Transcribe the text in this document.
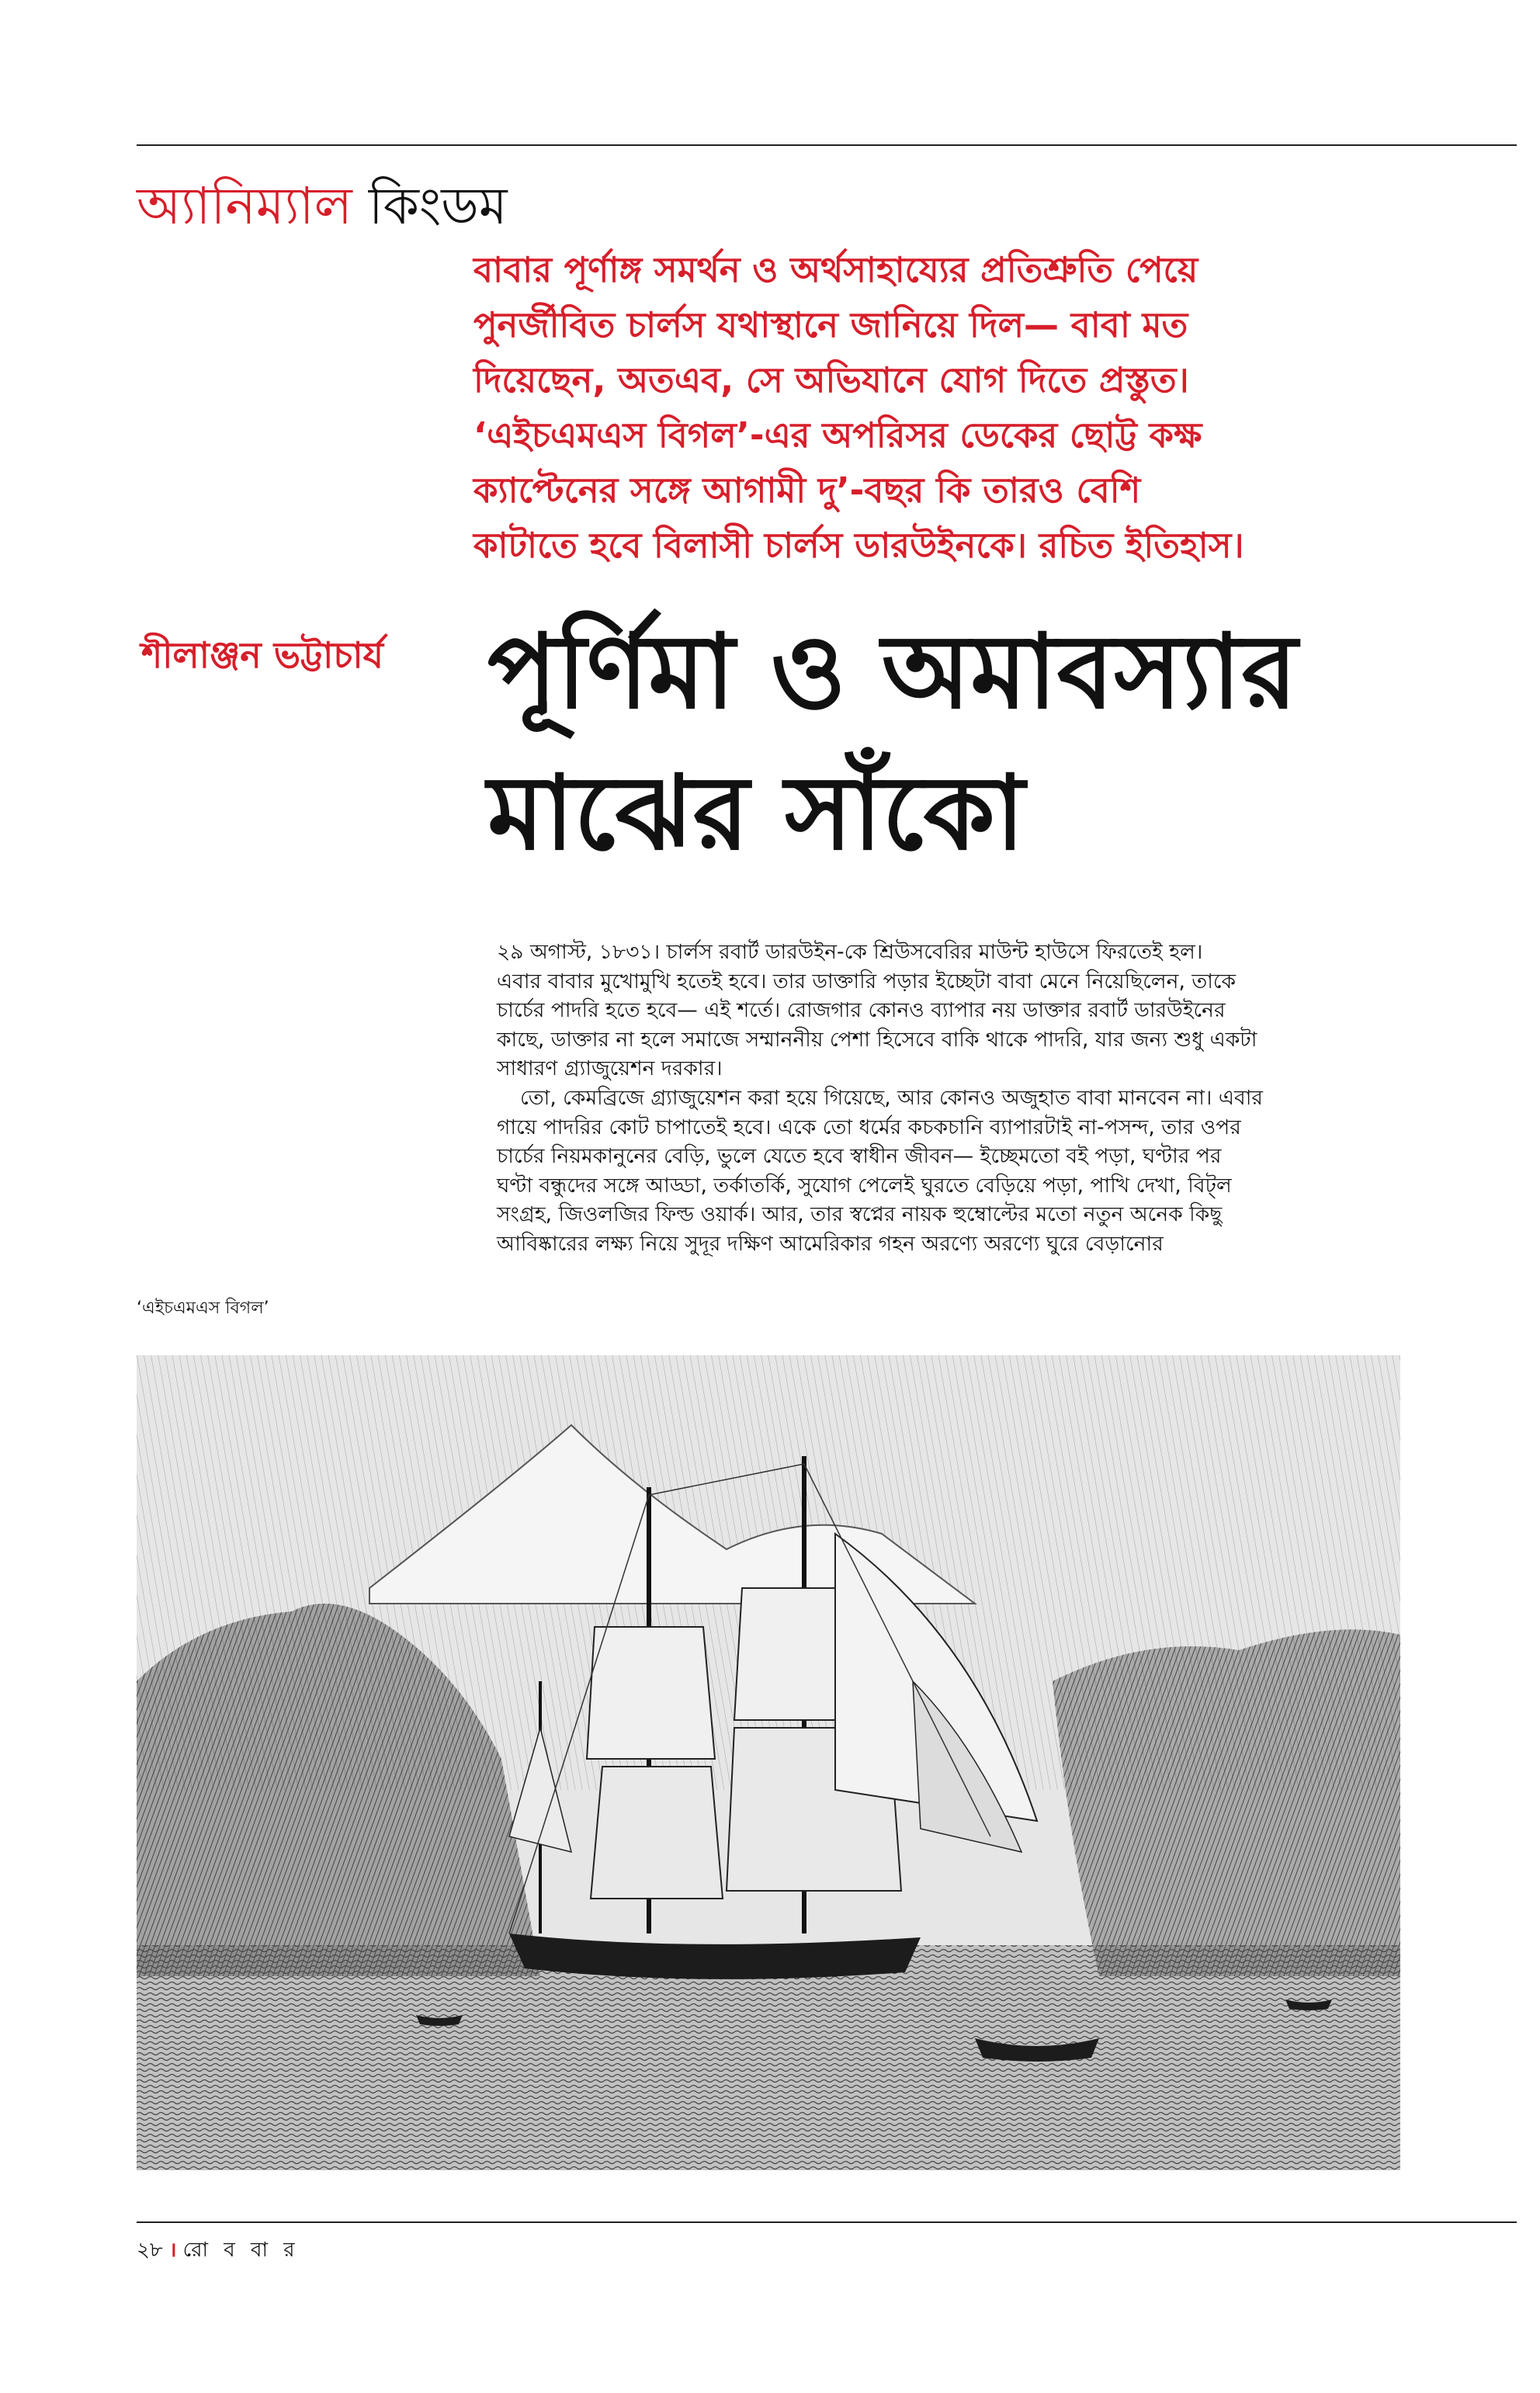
অ্যানিম্যাল কিংডম
বাবার পূর্ণাঙ্গ সমর্থন ও অর্থসাহায্যের প্রতিশ্রুতি পেয়ে
পুনর্জীবিত চার্লস যথাস্থানে জানিয়ে দিল— বাবা মত
দিয়েছেন, অতএব, সে অভিযানে যোগ দিতে প্রস্তুত।
‘এইচএমএস বিগল’-এর অপরিসর ডেকের ছোট্ট কক্ষ
ক্যাপ্টেনের সঙ্গে আগামী দু’-বছর কি তারও বেশি
কাটাতে হবে বিলাসী চার্লস ডারউইনকে। রচিত ইতিহাস।
শীলাঞ্জন ভট্টাচার্য পূর্ণিমা ও অমাবস্যার
মাঝের সাঁকো
২৯ অগাস্ট, ১৮৩১। চার্লস রবার্ট ডারউইন-কে শ্রিউসবেরির মাউন্ট হাউসে ফিরতেই হল।
এবার বাবার মুখোমুখি হতেই হবে। তার ডাক্তারি পড়ার ইচ্ছেটা বাবা মেনে নিয়েছিলেন, তাকে
চার্চের পাদরি হতে হবে— এই শর্তে। রোজগার কোনও ব্যাপার নয় ডাক্তার রবার্ট ডারউইনের
কাছে, ডাক্তার না হলে সমাজে সম্মাননীয় পেশা হিসেবে বাকি থাকে পাদরি, যার জন্য শুধু একটা
সাধারণ গ্র্যাজুয়েশন দরকার।
তো, কেমব্রিজে গ্র্যাজুয়েশন করা হয়ে গিয়েছে, আর কোনও অজুহাত বাবা মানবেন না। এবার
গায়ে পাদরির কোট চাপাতেই হবে। একে তো ধর্মের কচকচানি ব্যাপারটাই না-পসন্দ, তার ওপর
চার্চের নিয়মকানুনের বেড়ি, ভুলে যেতে হবে স্বাধীন জীবন— ইচ্ছেমতো বই পড়া, ঘণ্টার পর
ঘণ্টা বন্ধুদের সঙ্গে আড্ডা, তর্কাতর্কি, সুযোগ পেলেই ঘুরতে বেড়িয়ে পড়া, পাখি দেখা, বিট্‌ল
সংগ্রহ, জিওলজির ফিল্ড ওয়ার্ক। আর, তার স্বপ্নের নায়ক হুম্বোল্টের মতো নতুন অনেক কিছু
আবিষ্কারের লক্ষ্য নিয়ে সুদূর দক্ষিণ আমেরিকার গহন অরণ্যে অরণ্যে ঘুরে বেড়ানোর
‘এইচএমএস বিগল’
২৮ । রো ব বা র
